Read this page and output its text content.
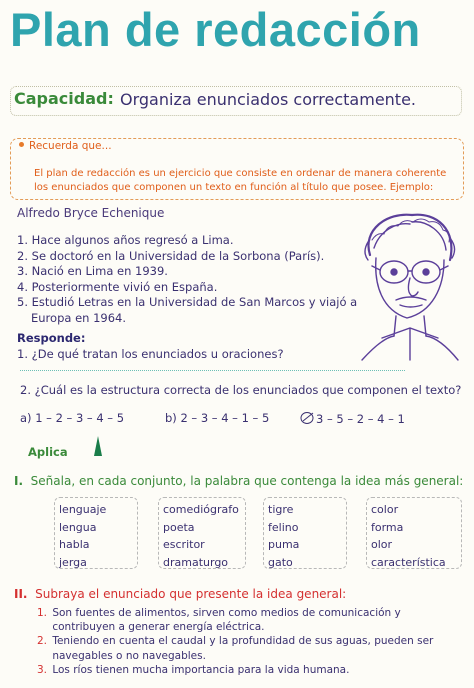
Plan de redacción
Capacidad: Organiza enunciados correctamente.
Recuerda que...
El plan de redacción es un ejercicio que consiste en ordenar de manera coherente los enunciados que componen un texto en función al título que posee. Ejemplo:
Alfredo Bryce Echenique
1. Hace algunos años regresó a Lima.
2. Se doctoró en la Universidad de la Sorbona (París).
3. Nació en Lima en 1939.
4. Posteriormente vivió en España.
5. Estudió Letras en la Universidad de San Marcos y viajó a
Europa en 1964.
Responde:
1. ¿De qué tratan los enunciados u oraciones?
2. ¿Cuál es la estructura correcta de los enunciados que componen el texto?
a) 1 – 2 – 3 – 4 – 5	b) 2 – 3 – 4 – 1 – 5	3 – 5 – 2 – 4 – 1
Aplica
I. Señala, en cada conjunto, la palabra que contenga la idea más general:
lenguaje
lengua
habla
jerga
comediógrafo
poeta
escritor
dramaturgo
tigre
felino
puma
gato
color
forma
olor
característica
II. Subraya el enunciado que presente la idea general:
1.
Son fuentes de alimentos, sirven como medios de comunicación y contribuyen a generar energía eléctrica.
2.
Teniendo en cuenta el caudal y la profundidad de sus aguas, pueden ser navegables o no navegables.
3.
Los ríos tienen mucha importancia para la vida humana.
